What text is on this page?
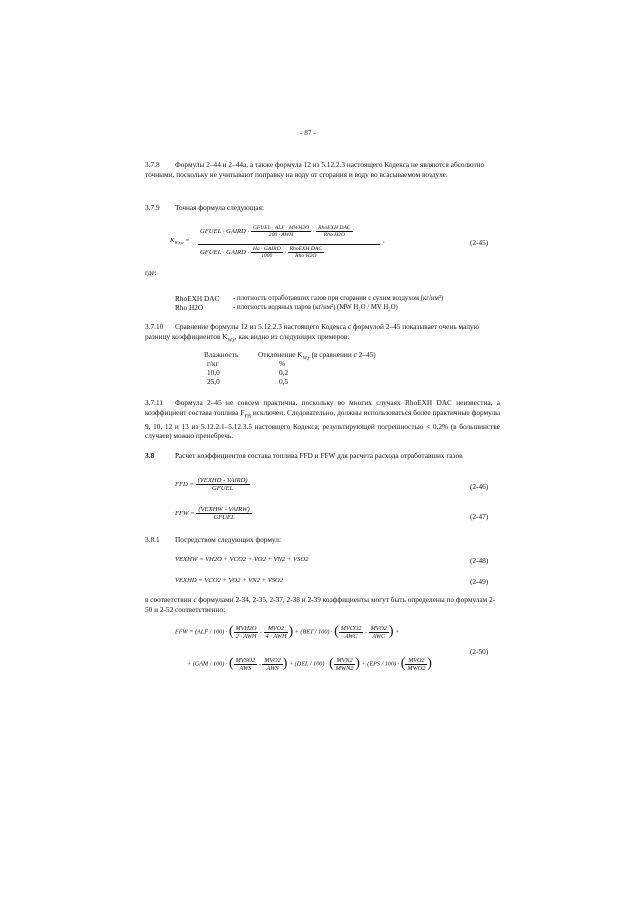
- 87 -
3.7.8	Формулы 2–44 и 2–44а, а также формула 12 из 5.12.2.3 настоящего Кодекса не являются абсолютно точными, поскольку не учитывают поправку на воду от сгорания и воду во всасываемом воздухе.
3.7.9 Точная формула следующая:
$K_{W,r,a}$ =
GFUEL · GAIRD · $\frac{\text{GFUEL · ALF · MWH2O}}{\text{200 · AWH}} \cdot \frac{\text{RhoEXH DAC}}{\text{Rho H2O}}$
GFUEL · GAIRD · $\frac{\text{Ha · GAIRD}}{1000} \cdot \frac{\text{RhoEXH DAC}}{\text{Rho H2O}}$
,	(2-45)
где:
RhoEXH DAC - плотность отработавших газов при сгорании с сухим воздухом (кг/нм³)
Rho H2O	- плотность водяных паров (кг/нм³) (MW H₂O / MV H₂O)
3.7.10	Сравнение формулы 12 из 5.12.2.3 настоящего Кодекса с формулой 2–45 показывает очень малую разницу коэффициентов $K_{W,r}$, как видно из следующих примеров:
Влажность	Отклонение $K_{W,r}$ (в сравнении с 2–45)
г/кг	%
10,0	0,2
25,0	0,5
3.7.11	Формула 2–45 не совсем практична, поскольку во многих случаях RhoEXH DAC неизвестна, а коэффициент состава топлива $F_{FH}$ исключен. Следовательно, должны использоваться более практичные формулы 9, 10, 12 и 13 из 5.12.2.1–5.12.3.5 настоящего Кодекса; результирующей погрешностью < 0,2% (в большинстве случаев) можно пренебречь.
3.8	Расчет коэффициентов состава топлива FFD и FFW для расчета расхода отработавших газов
FFD = $\frac{\text{(VEXHD - VAIRD)}}{\text{GFUEL}}$	(2-46)
FFW = $\frac{\text{(VEXHW - VAIRW)}}{\text{GFUEL}}$	(2-47)
3.8.1 Посредством следующих формул:
VEXHW = VH2O + VCO2 + VO2 + VN2 + VSO2	(2-48)
VEXHD = VCO2 + VO2 + VN2 + VSO2	(2-49)
в соответствии с формулами 2-34, 2-35, 2-37, 2-38 и 2-39 коэффициенты могут быть определены по формулам 2-50 и 2-52 соответственно:
FFW = (ALF / 100) · ( $\frac{\text{MVH2O}}{\text{2 · AWH}} - \frac{\text{MVO2}}{\text{4 · AWH}}$ ) + (BET / 100) · ( $\frac{\text{MVCO2}}{\text{AWC}} - \frac{\text{MVO2}}{\text{AWC}}$ ) +
+ (GAM / 100) · ( $\frac{\text{MVSO2}}{\text{AWS}} - \frac{\text{MVO2}}{\text{AWS}}$ ) + (DEL / 100) · ( $\frac{\text{MVN2}}{\text{MWN2}}$ ) + (EPS / 100) · ( $\frac{\text{MVO2}}{\text{MWO2}}$ )
(2-50)
